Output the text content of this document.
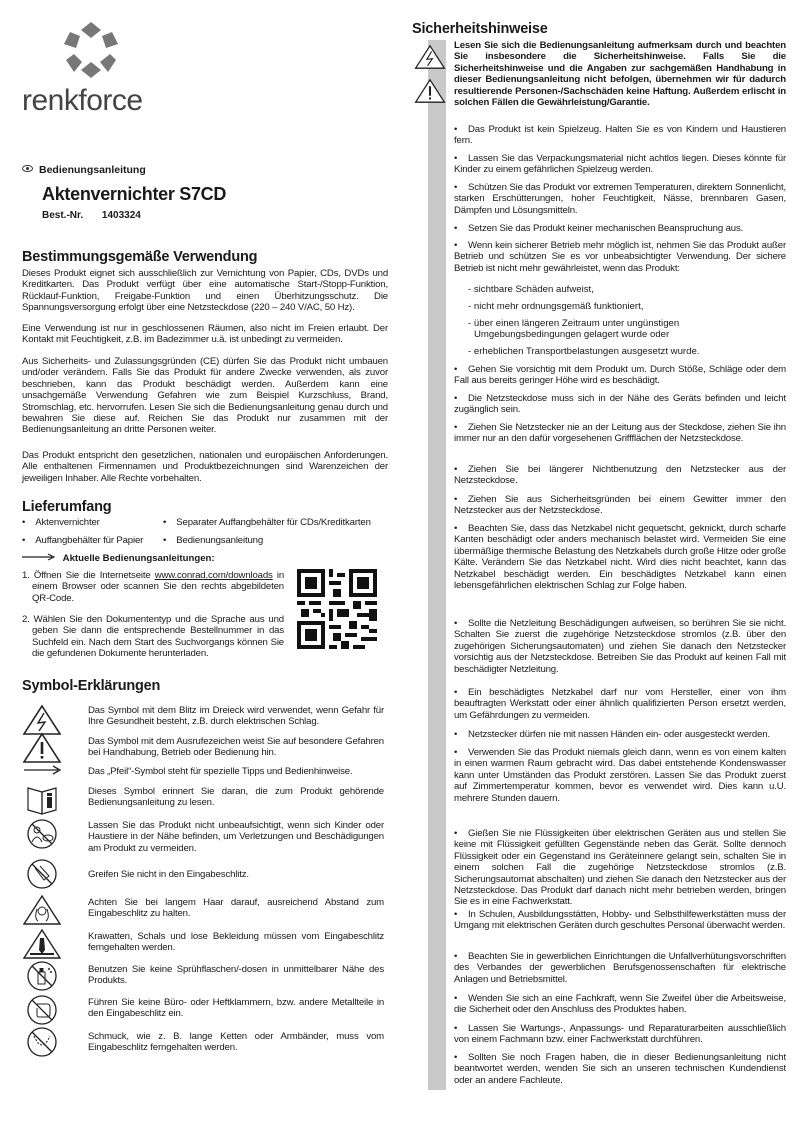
renkforce
Bedienungsanleitung
Aktenvernichter S7CD
Best.-Nr. 1403324
Bestimmungsgemäße Verwendung
Dieses Produkt eignet sich ausschließlich zur Vernichtung von Papier, CDs, DVDs und Kreditkarten. Das Produkt verfügt über eine automatische Start-/Stopp-Funktion, Rücklauf-Funktion, Freigabe-Funktion und einen Überhitzungsschutz. Die Spannungsversorgung erfolgt über eine Netzsteckdose (220 – 240 V/AC, 50 Hz).
Eine Verwendung ist nur in geschlossenen Räumen, also nicht im Freien erlaubt. Der Kontakt mit Feuchtigkeit, z.B. im Badezimmer u.ä. ist unbedingt zu vermeiden.
Aus Sicherheits- und Zulassungsgründen (CE) dürfen Sie das Produkt nicht umbauen und/oder verändern. Falls Sie das Produkt für andere Zwecke verwenden, als zuvor beschrieben, kann das Produkt beschädigt werden. Außerdem kann eine unsachgemäße Verwendung Gefahren wie zum Beispiel Kurzschluss, Brand, Stromschlag, etc. hervorrufen. Lesen Sie sich die Bedienungsanleitung genau durch und bewahren Sie diese auf. Reichen Sie das Produkt nur zusammen mit der Bedienungsanleitung an dritte Personen weiter.
Das Produkt entspricht den gesetzlichen, nationalen und europäischen Anforderungen. Alle enthaltenen Firmennamen und Produktbezeichnungen sind Warenzeichen der jeweiligen Inhaber. Alle Rechte vorbehalten.
Lieferumfang
•    Aktenvernichter	•    Separater Auffangbehälter für CDs/Kreditkarten
•    Auffangbehälter für Papier •    Bedienungsanleitung
Aktuelle Bedienungsanleitungen:
1. Öffnen Sie die Internetseite www.conrad.com/downloads in einem Browser oder scannen Sie den rechts abgebildeten QR-Code.
2. Wählen Sie den Dokumententyp und die Sprache aus und geben Sie dann die entsprechende Bestellnummer in das Suchfeld ein. Nach dem Start des Suchvorgangs können Sie die gefundenen Dokumente herunterladen.
Symbol-Erklärungen
Das Symbol mit dem Blitz im Dreieck wird verwendet, wenn Gefahr für Ihre Gesundheit besteht, z.B. durch elektrischen Schlag.
Das Symbol mit dem Ausrufezeichen weist Sie auf besondere Gefahren bei Handhabung, Betrieb oder Bedienung hin.
Das „Pfeil“-Symbol steht für spezielle Tipps und Bedienhinweise.
Dieses Symbol erinnert Sie daran, die zum Produkt gehörende Bedienungsanleitung zu lesen.
Lassen Sie das Produkt nicht unbeaufsichtigt, wenn sich Kinder oder Haustiere in der Nähe befinden, um Verletzungen und Beschädigungen am Produkt zu vermeiden.
Greifen Sie nicht in den Eingabeschlitz.
Achten Sie bei langem Haar darauf, ausreichend Abstand zum Eingabeschlitz zu halten.
Krawatten, Schals und lose Bekleidung müssen vom Eingabeschlitz ferngehalten werden.
Benutzen Sie keine Sprühflaschen/-dosen in unmittelbarer Nähe des Produkts.
Führen Sie keine Büro- oder Heftklammern, bzw. andere Metallteile in den Eingabeschlitz ein.
Schmuck, wie z. B. lange Ketten oder Armbänder, muss vom Eingabeschlitz ferngehalten werden.
Sicherheitshinweise
Lesen Sie sich die Bedienungsanleitung aufmerksam durch und beachten Sie insbesondere die Sicherheitshinweise. Falls Sie die Sicherheitshinweise und die Angaben zur sachgemäßen Handhabung in dieser Bedienungsanleitung nicht befolgen, übernehmen wir für dadurch resultierende Personen-/Sachschäden keine Haftung. Außerdem erlischt in solchen Fällen die Gewährleistung/Garantie.
• Das Produkt ist kein Spielzeug. Halten Sie es von Kindern und Haustieren fern.
• Lassen Sie das Verpackungsmaterial nicht achtlos liegen. Dieses könnte für Kinder zu einem gefährlichen Spielzeug werden.
• Schützen Sie das Produkt vor extremen Temperaturen, direktem Sonnenlicht, starken Erschütterungen, hoher Feuchtigkeit, Nässe, brennbaren Gasen, Dämpfen und Lösungsmitteln.
• Setzen Sie das Produkt keiner mechanischen Beanspruchung aus.
• Wenn kein sicherer Betrieb mehr möglich ist, nehmen Sie das Produkt außer Betrieb und schützen Sie es vor unbeabsichtigter Verwendung. Der sichere Betrieb ist nicht mehr gewährleistet, wenn das Produkt:
- sichtbare Schäden aufweist,
- nicht mehr ordnungsgemäß funktioniert,
- über einen längeren Zeitraum unter ungünstigen Umgebungsbedingungen gelagert wurde oder
- erheblichen Transportbelastungen ausgesetzt wurde.
• Gehen Sie vorsichtig mit dem Produkt um. Durch Stöße, Schläge oder dem Fall aus bereits geringer Höhe wird es beschädigt.
• Die Netzsteckdose muss sich in der Nähe des Geräts befinden und leicht zugänglich sein.
• Ziehen Sie Netzstecker nie an der Leitung aus der Steckdose, ziehen Sie ihn immer nur an den dafür vorgesehenen Griffflächen der Netzsteckdose.
• Ziehen Sie bei längerer Nichtbenutzung den Netzstecker aus der Netzsteckdose.
• Ziehen Sie aus Sicherheitsgründen bei einem Gewitter immer den Netzstecker aus der Netzsteckdose.
• Beachten Sie, dass das Netzkabel nicht gequetscht, geknickt, durch scharfe Kanten beschädigt oder anders mechanisch belastet wird. Vermeiden Sie eine übermäßige thermische Belastung des Netzkabels durch große Hitze oder große Kälte. Verändern Sie das Netzkabel nicht. Wird dies nicht beachtet, kann das Netzkabel beschädigt werden. Ein beschädigtes Netzkabel kann einen lebensgefährlichen elektrischen Schlag zur Folge haben.
• Sollte die Netzleitung Beschädigungen aufweisen, so berühren Sie sie nicht. Schalten Sie zuerst die zugehörige Netzsteckdose stromlos (z.B. über den zugehörigen Sicherungsautomaten) und ziehen Sie danach den Netzstecker vorsichtig aus der Netzsteckdose. Betreiben Sie das Produkt auf keinen Fall mit beschädigter Netzleitung.
• Ein beschädigtes Netzkabel darf nur vom Hersteller, einer von ihm beauftragten Werkstatt oder einer ähnlich qualifizierten Person ersetzt werden, um Gefährdungen zu vermeiden.
• Netzstecker dürfen nie mit nassen Händen ein- oder ausgesteckt werden.
• Verwenden Sie das Produkt niemals gleich dann, wenn es von einem kalten in einen warmen Raum gebracht wird. Das dabei entstehende Kondenswasser kann unter Umständen das Produkt zerstören. Lassen Sie das Produkt zuerst auf Zimmertemperatur kommen, bevor es verwendet wird. Dies kann u.U. mehrere Stunden dauern.
• Gießen Sie nie Flüssigkeiten über elektrischen Geräten aus und stellen Sie keine mit Flüssigkeit gefüllten Gegenstände neben das Gerät. Sollte dennoch Flüssigkeit oder ein Gegenstand ins Geräteinnere gelangt sein, schalten Sie in einem solchen Fall die zugehörige Netzsteckdose stromlos (z.B. Sicherungsautomat abschalten) und ziehen Sie danach den Netzstecker aus der Netzsteckdose. Das Produkt darf danach nicht mehr betrieben werden, bringen Sie es in eine Fachwerkstatt.
• In Schulen, Ausbildungsstätten, Hobby- und Selbsthilfewerkstätten muss der Umgang mit elektrischen Geräten durch geschultes Personal überwacht werden.
• Beachten Sie in gewerblichen Einrichtungen die Unfallverhütungsvorschriften des Verbandes der gewerblichen Berufsgenossenschaften für elektrische Anlagen und Betriebsmittel.
• Wenden Sie sich an eine Fachkraft, wenn Sie Zweifel über die Arbeitsweise, die Sicherheit oder den Anschluss des Produktes haben.
• Lassen Sie Wartungs-, Anpassungs- und Reparaturarbeiten ausschließlich von einem Fachmann bzw. einer Fachwerkstatt durchführen.
• Sollten Sie noch Fragen haben, die in dieser Bedienungsanleitung nicht beantwortet werden, wenden Sie sich an unseren technischen Kundendienst oder an andere Fachleute.
